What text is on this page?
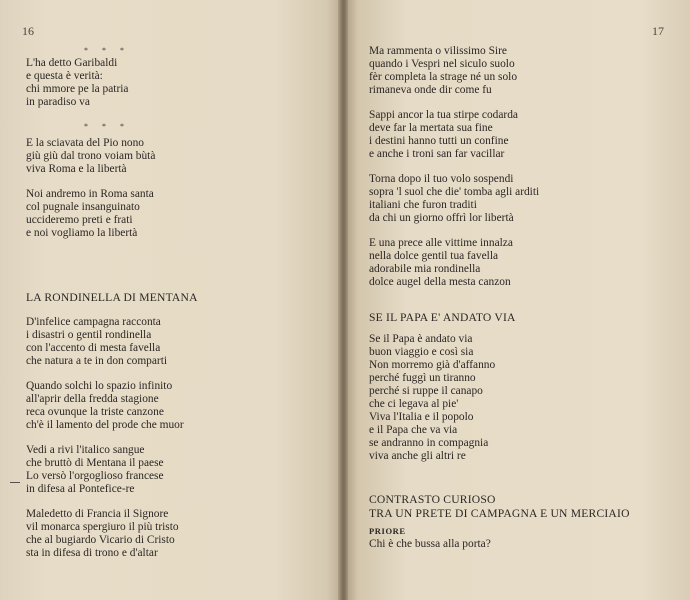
16
* * *
L'ha detto Garibaldi
e questa è verità:
chi mmore pe la patria
in paradiso va
* * *
E la sciavata del Pio nono
giù giù dal trono voiam bùtà
viva Roma e la libertà
Noi andremo in Roma santa
col pugnale insanguinato
uccideremo preti e frati
e noi vogliamo la libertà
LA RONDINELLA DI MENTANA
D'infelice campagna racconta
i disastri o gentil rondinella
con l'accento di mesta favella
che natura a te in don comparti
Quando solchi lo spazio infinito
all'aprir della fredda stagione
reca ovunque la triste canzone
ch'è il lamento del prode che muor
Vedi a rivi l'italico sangue
che bruttò di Mentana il paese
Lo versò l'orgoglioso francese
in difesa al Pontefice-re
Maledetto di Francia il Signore
vil monarca spergiuro il più tristo
che al bugiardo Vicario di Cristo
sta in difesa di trono e d'altar
17
Ma rammenta o vilissimo Sire
quando i Vespri nel siculo suolo
fèr completa la strage né un solo
rimaneva onde dir come fu
Sappi ancor la tua stirpe codarda
deve far la mertata sua fine
i destini hanno tutti un confine
e anche i troni san far vacillar
Torna dopo il tuo volo sospendi
sopra 'l suol che die' tomba agli arditi
italiani che furon traditi
da chi un giorno offrì lor libertà
E una prece alle vittime innalza
nella dolce gentil tua favella
adorabile mia rondinella
dolce augel della mesta canzon
SE IL PAPA E' ANDATO VIA
Se il Papa è andato via
buon viaggio e così sia
Non morremo già d'affanno
perché fuggì un tiranno
perché si ruppe il canapo
che ci legava al pie'
Viva l'Italia e il popolo
e il Papa che va via
se andranno in compagnia
viva anche gli altri re
CONTRASTO CURIOSO
TRA UN PRETE DI CAMPAGNA E UN MERCIAIO
PRIORE
Chi è che bussa alla porta?
